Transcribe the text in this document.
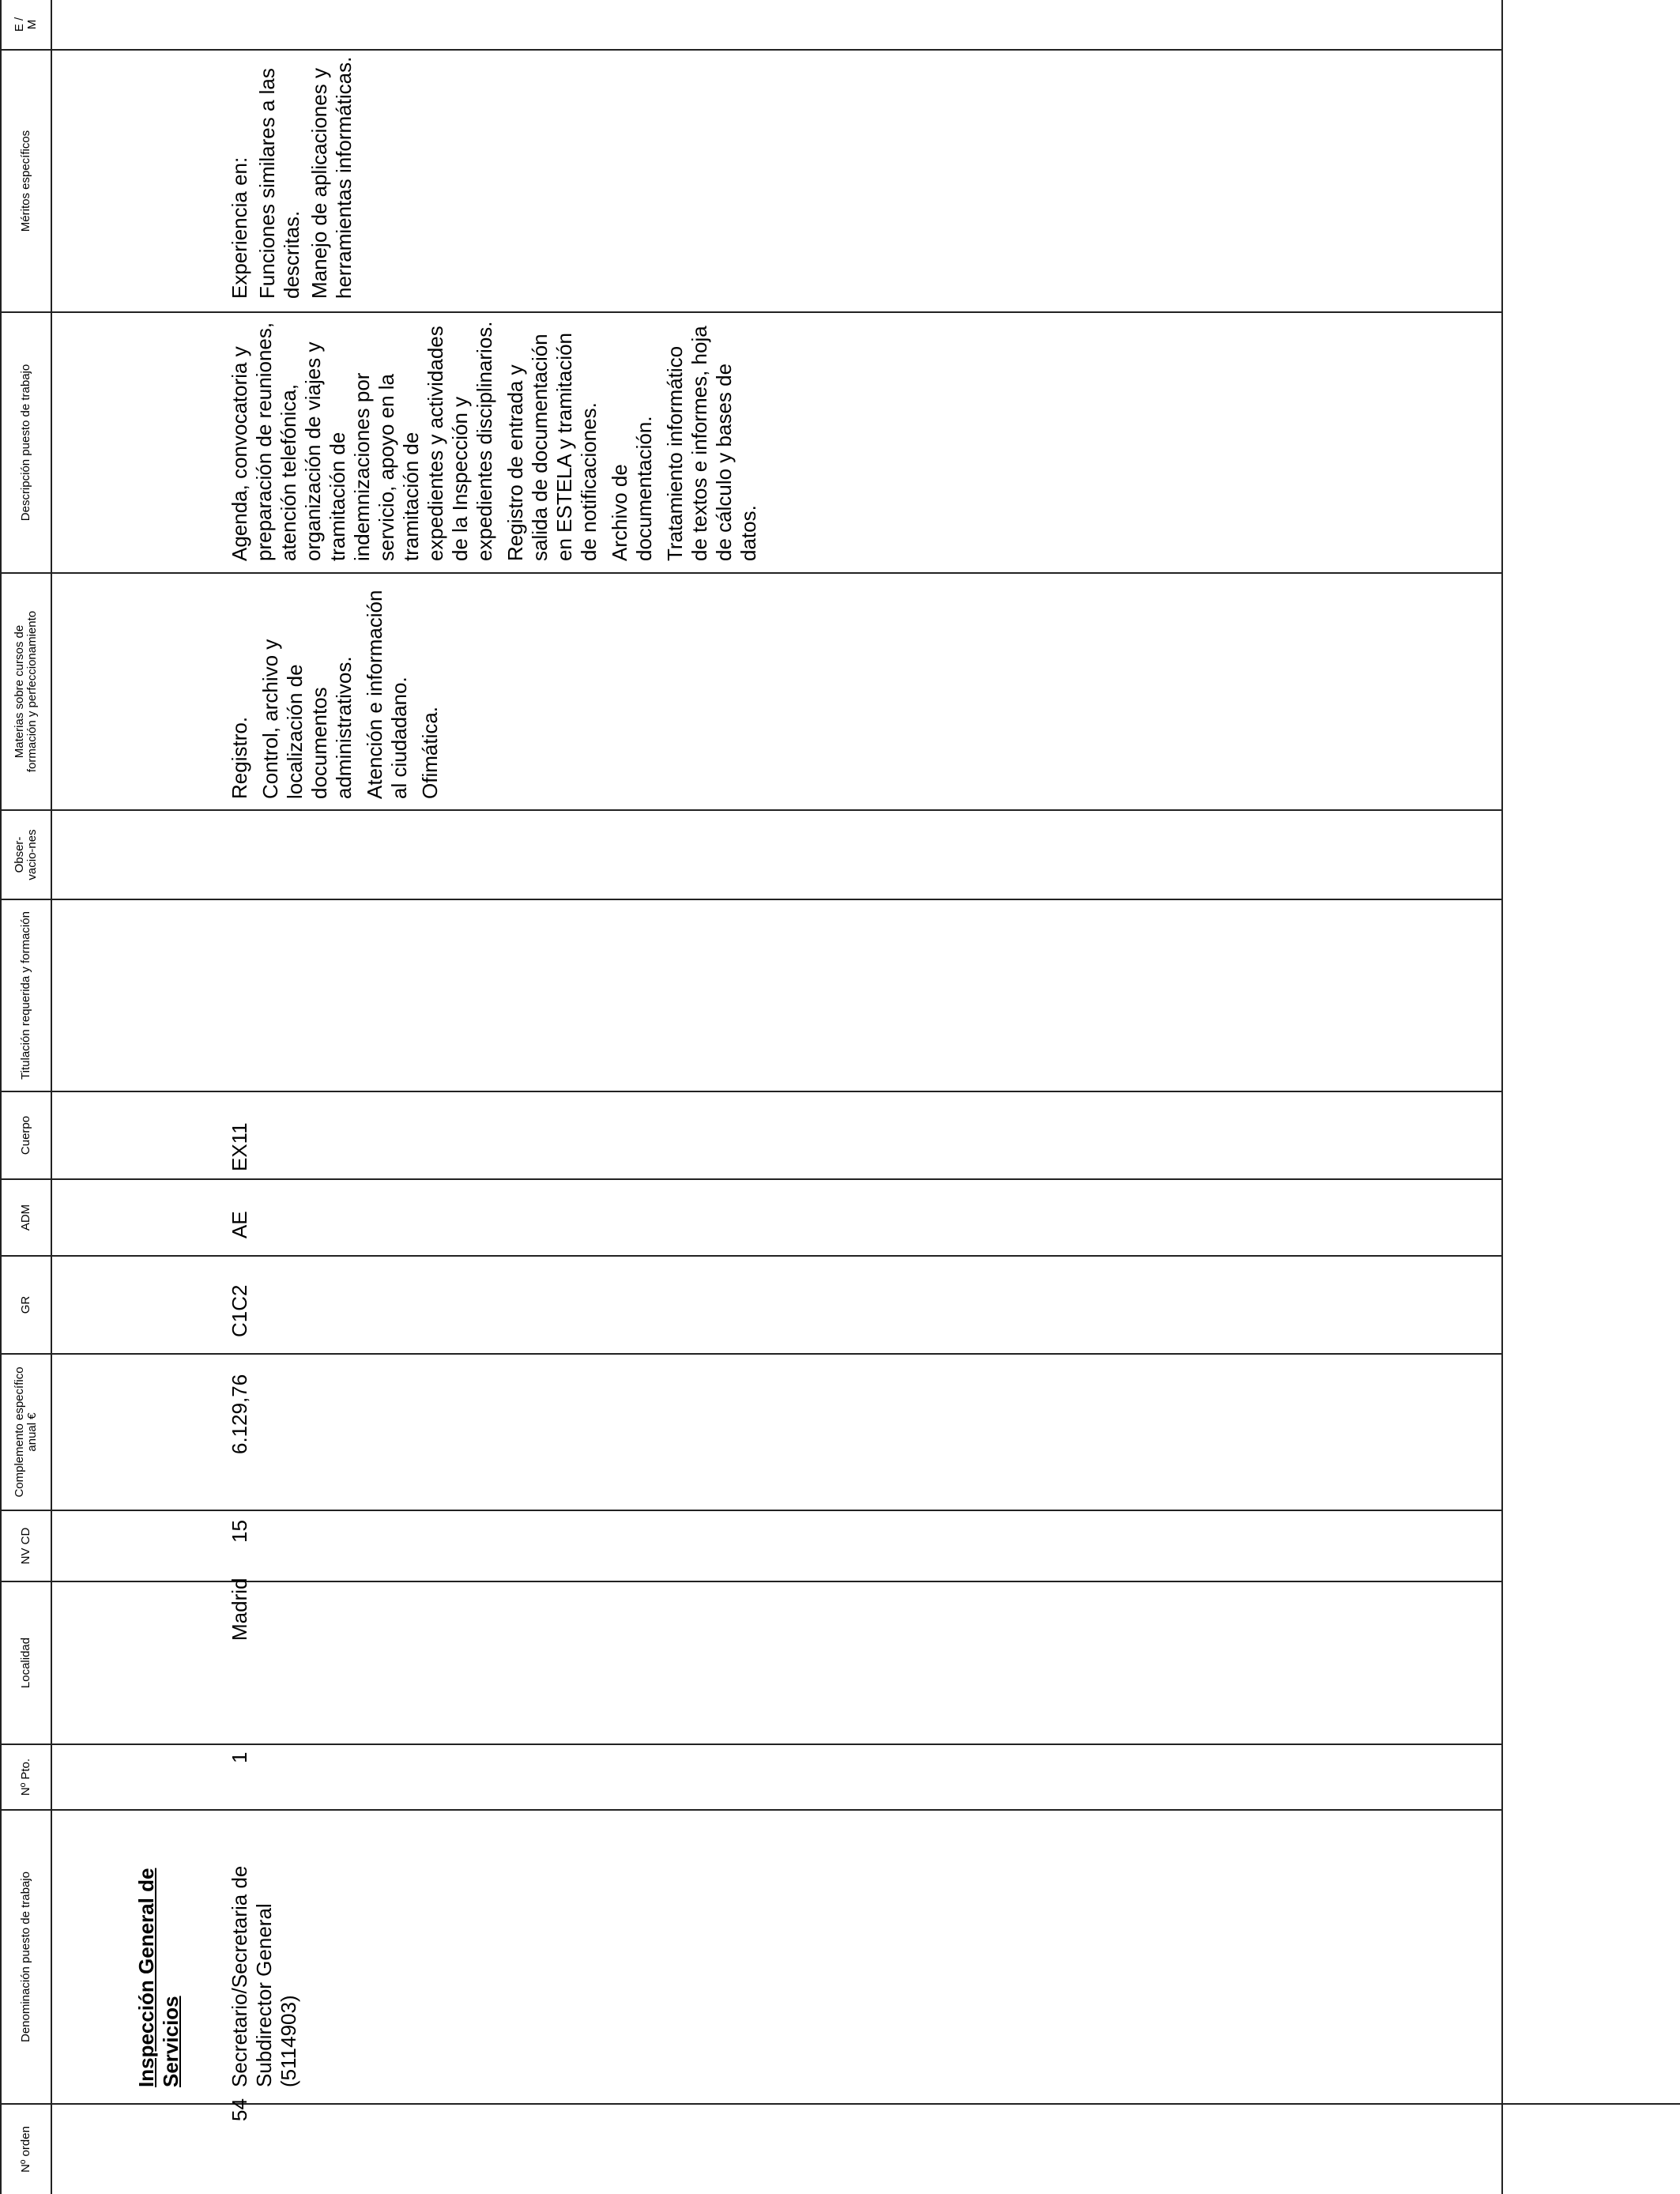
Nº orden
Denominación puesto de trabajo
Nº Pto.
Localidad
NV CD
Complemento específico anual €
GR
ADM
Cuerpo
Titulación requerida y formación
Obser-vacio-nes
Materias sobre cursos de formación y perfeccionamiento
Descripción puesto de trabajo
Méritos específicos
E / M
Inspección General de Servicios
54
Secretario/Secretaria de Subdirector General (5114903)
1
Madrid
15
6.129,76
C1C2
AE
EX11

Registro. Control, archivo y localización de documentos administrativos. Atención e información al ciudadano. Ofimática.

Agenda, convocatoria y preparación de reuniones, atención telefónica, organización de viajes y tramitación de indemnizaciones por servicio, apoyo en la tramitación de expedientes y actividades de la Inspección y expedientes disciplinarios. Registro de entrada y salida de documentación en ESTELA y tramitación de notificaciones. Archivo de documentación. Tratamiento informático de textos e informes, hoja de cálculo y bases de datos.

Experiencia en: Funciones similares a las descritas. Manejo de aplicaciones y herramientas informáticas.
